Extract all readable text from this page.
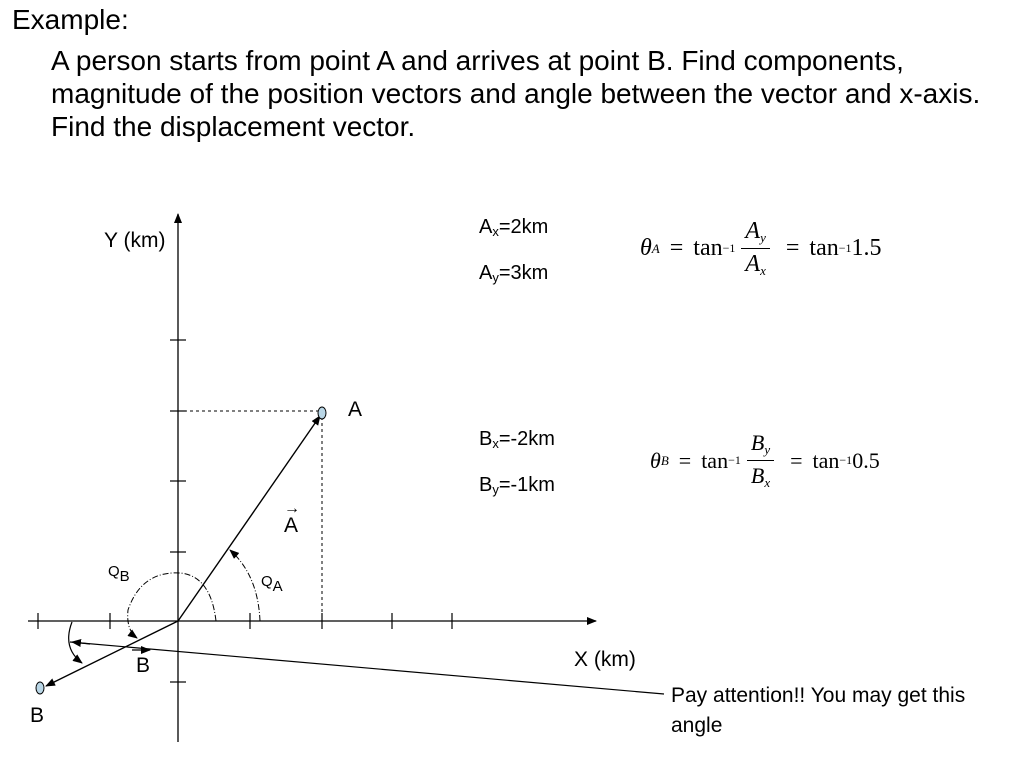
Example:

A person starts from point A and arrives at point B. Find components, magnitude of the position vectors and angle between the vector and x-axis. Find the displacement vector.

Y (km)
X (km)
A
B
→
A
B
$Q_A$
$Q_B$
$A_x=2km$
$A_y=3km$
$B_x=-2km$
$B_y=-1km$
θ $A = \tan -1 \frac{A_y}{A_x} = \tan -1$ 1.5
θ $B = \tan -1 \frac{B_y}{B_x} = \tan -1$ 0.5
Pay attention!! You may get this angle
